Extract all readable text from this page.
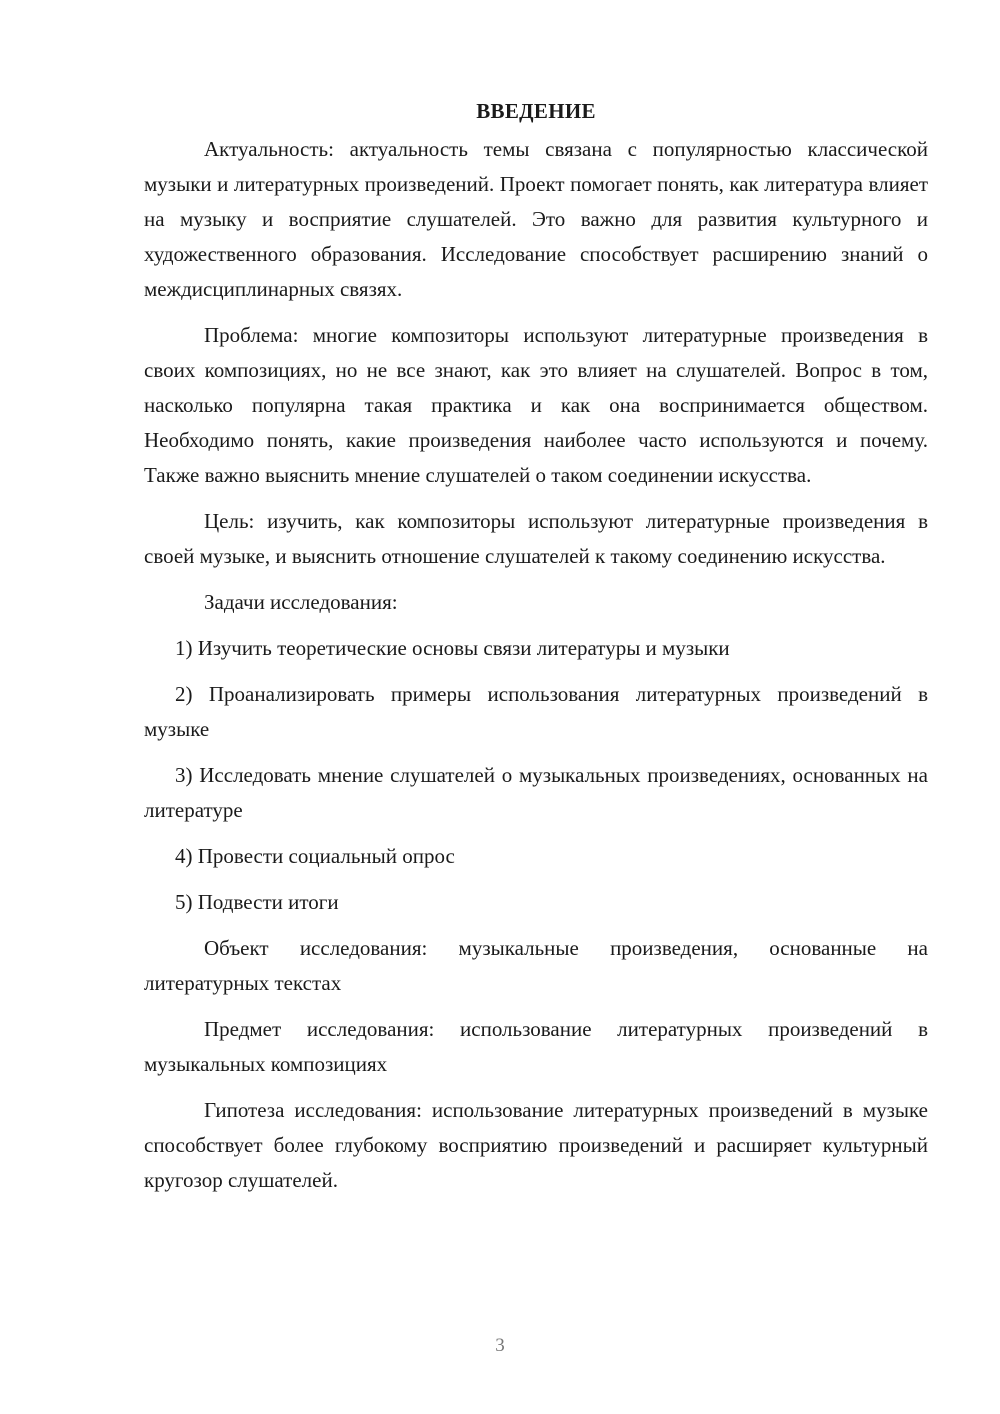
ВВЕДЕНИЕ

Актуальность: актуальность темы связана с популярностью классической музыки и литературных произведений. Проект помогает понять, как литература влияет на музыку и восприятие слушателей. Это важно для развития культурного и художественного образования. Исследование способствует расширению знаний о междисциплинарных связях.

Проблема: многие композиторы используют литературные произведения в своих композициях, но не все знают, как это влияет на слушателей. Вопрос в том, насколько популярна такая практика и как она воспринимается обществом. Необходимо понять, какие произведения наиболее часто используются и почему. Также важно выяснить мнение слушателей о таком соединении искусства.

Цель: изучить, как композиторы используют литературные произведения в своей музыке, и выяснить отношение слушателей к такому соединению искусства.

Задачи исследования:

1) Изучить теоретические основы связи литературы и музыки

2) Проанализировать примеры использования литературных произведений в музыке

3) Исследовать мнение слушателей о музыкальных произведениях, основанных на литературе

4) Провести социальный опрос

5) Подвести итоги

Объект исследования: музыкальные произведения, основанные на литературных текстах

Предмет исследования: использование литературных произведений в музыкальных композициях

Гипотеза исследования: использование литературных произведений в музыке способствует более глубокому восприятию произведений и расширяет культурный кругозор слушателей.

3
